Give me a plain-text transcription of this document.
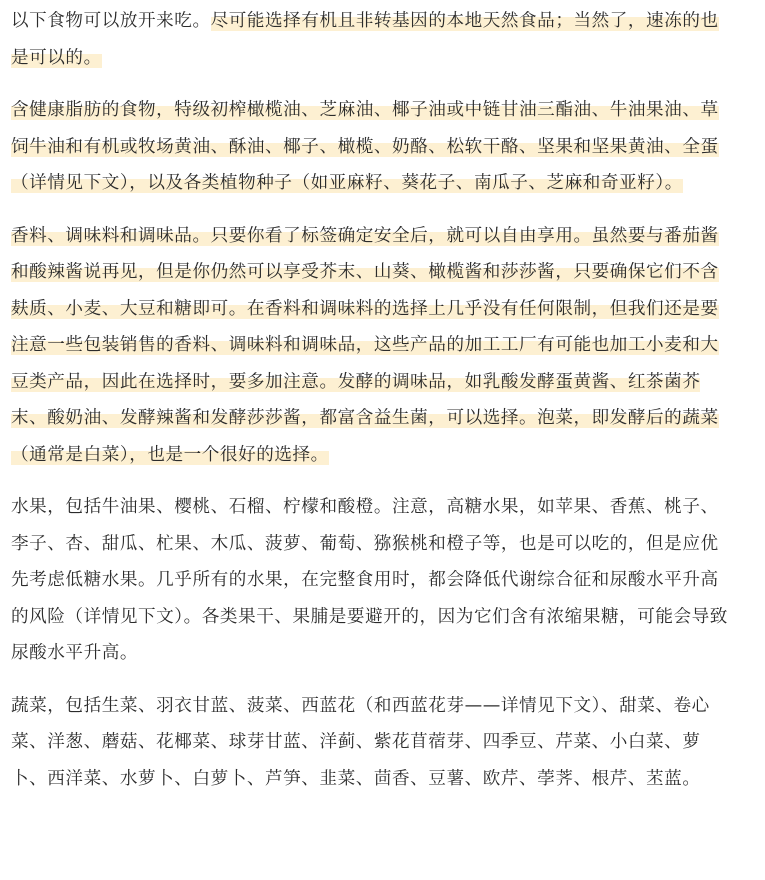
以下食物可以放开来吃。尽可能选择有机且非转基因的本地天然食品；当然了，速冻的也是可以的。

含健康脂肪的食物，特级初榨橄榄油、芝麻油、椰子油或中链甘油三酯油、牛油果油、草饲牛油和有机或牧场黄油、酥油、椰子、橄榄、奶酪、松软干酪、坚果和坚果黄油、全蛋（详情见下文），以及各类植物种子（如亚麻籽、葵花子、南瓜子、芝麻和奇亚籽）。

香料、调味料和调味品。只要你看了标签确定安全后，就可以自由享用。虽然要与番茄酱和酸辣酱说再见，但是你仍然可以享受芥末、山葵、橄榄酱和莎莎酱，只要确保它们不含麸质、小麦、大豆和糖即可。在香料和调味料的选择上几乎没有任何限制，但我们还是要注意一些包装销售的香料、调味料和调味品，这些产品的加工工厂有可能也加工小麦和大豆类产品，因此在选择时，要多加注意。发酵的调味品，如乳酸发酵蛋黄酱、红茶菌芥末、酸奶油、发酵辣酱和发酵莎莎酱，都富含益生菌，可以选择。泡菜，即发酵后的蔬菜（通常是白菜），也是一个很好的选择。

水果，包括牛油果、樱桃、石榴、柠檬和酸橙。注意，高糖水果，如苹果、香蕉、桃子、李子、杏、甜瓜、杧果、木瓜、菠萝、葡萄、猕猴桃和橙子等，也是可以吃的，但是应优先考虑低糖水果。几乎所有的水果，在完整食用时，都会降低代谢综合征和尿酸水平升高的风险（详情见下文）。各类果干、果脯是要避开的，因为它们含有浓缩果糖，可能会导致尿酸水平升高。

蔬菜，包括生菜、羽衣甘蓝、菠菜、西蓝花（和西蓝花芽——详情见下文）、甜菜、卷心菜、洋葱、蘑菇、花椰菜、球芽甘蓝、洋蓟、紫花苜蓿芽、四季豆、芹菜、小白菜、萝卜、西洋菜、水萝卜、白萝卜、芦笋、韭菜、茴香、豆薯、欧芹、荸荠、根芹、苤蓝。
